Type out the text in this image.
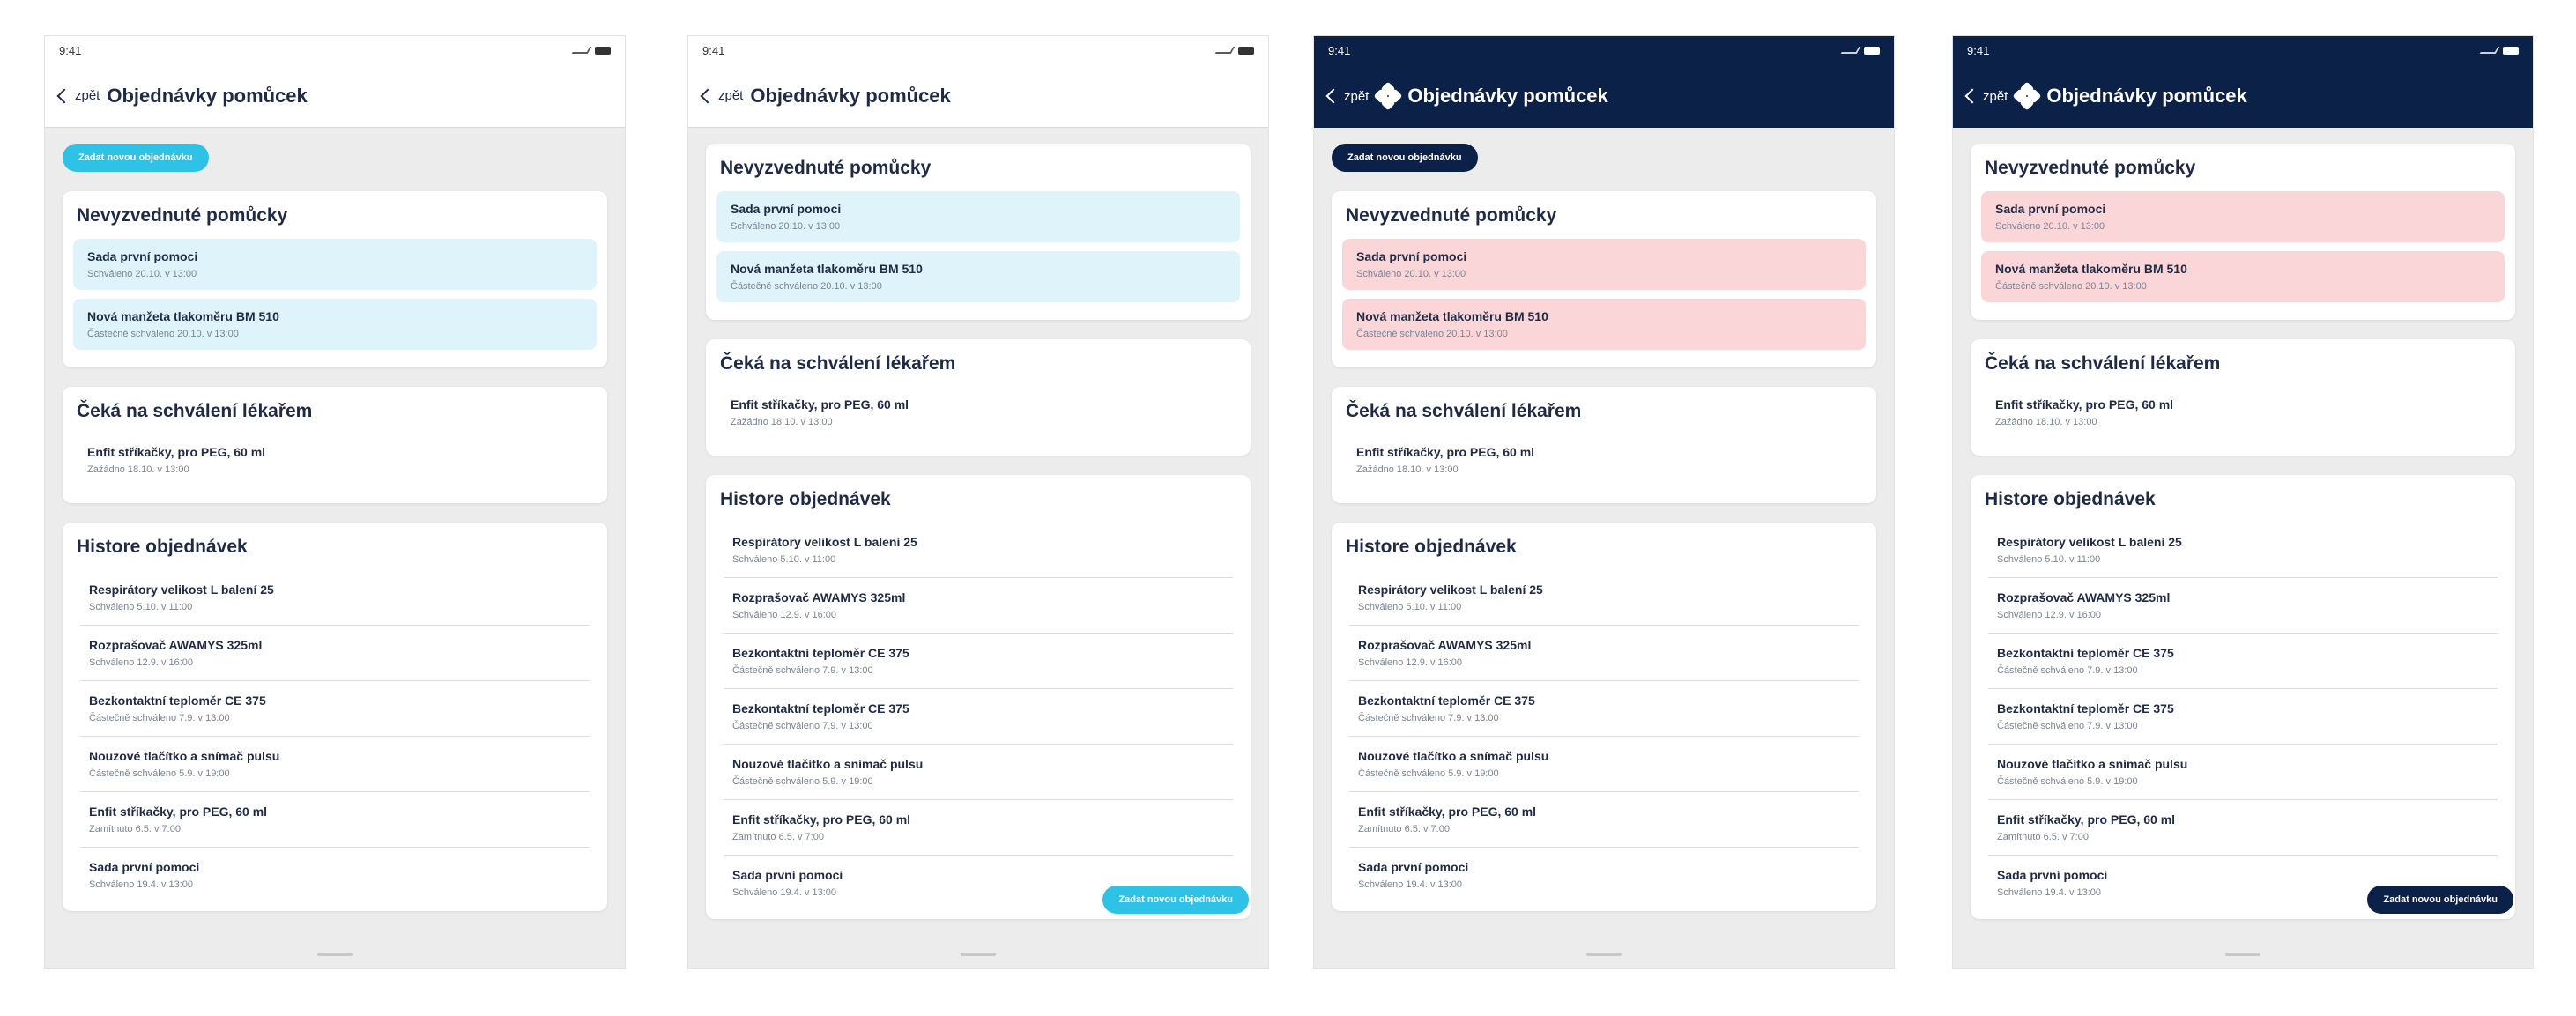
9:41
zpět Objednávky pomůcek
Zadat novou objednávku
Nevyzvednuté pomůcky
Sada první pomoci
Schváleno 20.10. v 13:00
Nová manžeta tlakoměru BM 510
Částečně schváleno 20.10. v 13:00
Čeká na schválení lékařem
Enfit stříkačky, pro PEG, 60 ml
Zažádno 18.10. v 13:00
Histore objednávek
Respirátory velikost L balení 25
Schváleno 5.10. v 11:00
Rozprašovač AWAMYS 325ml
Schváleno 12.9. v 16:00
Bezkontaktní teploměr CE 375
Částečně schváleno 7.9. v 13:00
Nouzové tlačítko a snímač pulsu
Částečně schváleno 5.9. v 19:00
Enfit stříkačky, pro PEG, 60 ml
Zamítnuto 6.5. v 7:00
Sada první pomoci
Schváleno 19.4. v 13:00
9:41
zpět Objednávky pomůcek
Nevyzvednuté pomůcky
Sada první pomoci
Schváleno 20.10. v 13:00
Nová manžeta tlakoměru BM 510
Částečně schváleno 20.10. v 13:00
Čeká na schválení lékařem
Enfit stříkačky, pro PEG, 60 ml
Zažádno 18.10. v 13:00
Histore objednávek
Respirátory velikost L balení 25
Schváleno 5.10. v 11:00
Rozprašovač AWAMYS 325ml
Schváleno 12.9. v 16:00
Bezkontaktní teploměr CE 375
Částečně schváleno 7.9. v 13:00
Bezkontaktní teploměr CE 375
Částečně schváleno 7.9. v 13:00
Nouzové tlačítko a snímač pulsu
Částečně schváleno 5.9. v 19:00
Enfit stříkačky, pro PEG, 60 ml
Zamítnuto 6.5. v 7:00
Sada první pomoci
Schváleno 19.4. v 13:00
Zadat novou objednávku
9:41
zpět Objednávky pomůcek
Zadat novou objednávku
Nevyzvednuté pomůcky
Sada první pomoci
Schváleno 20.10. v 13:00
Nová manžeta tlakoměru BM 510
Částečně schváleno 20.10. v 13:00
Čeká na schválení lékařem
Enfit stříkačky, pro PEG, 60 ml
Zažádno 18.10. v 13:00
Histore objednávek
Respirátory velikost L balení 25
Schváleno 5.10. v 11:00
Rozprašovač AWAMYS 325ml
Schváleno 12.9. v 16:00
Bezkontaktní teploměr CE 375
Částečně schváleno 7.9. v 13:00
Nouzové tlačítko a snímač pulsu
Částečně schváleno 5.9. v 19:00
Enfit stříkačky, pro PEG, 60 ml
Zamítnuto 6.5. v 7:00
Sada první pomoci
Schváleno 19.4. v 13:00
9:41
zpět Objednávky pomůcek
Nevyzvednuté pomůcky
Sada první pomoci
Schváleno 20.10. v 13:00
Nová manžeta tlakoměru BM 510
Částečně schváleno 20.10. v 13:00
Čeká na schválení lékařem
Enfit stříkačky, pro PEG, 60 ml
Zažádno 18.10. v 13:00
Histore objednávek
Respirátory velikost L balení 25
Schváleno 5.10. v 11:00
Rozprašovač AWAMYS 325ml
Schváleno 12.9. v 16:00
Bezkontaktní teploměr CE 375
Částečně schváleno 7.9. v 13:00
Bezkontaktní teploměr CE 375
Částečně schváleno 7.9. v 13:00
Nouzové tlačítko a snímač pulsu
Částečně schváleno 5.9. v 19:00
Enfit stříkačky, pro PEG, 60 ml
Zamítnuto 6.5. v 7:00
Sada první pomoci
Schváleno 19.4. v 13:00
Zadat novou objednávku
